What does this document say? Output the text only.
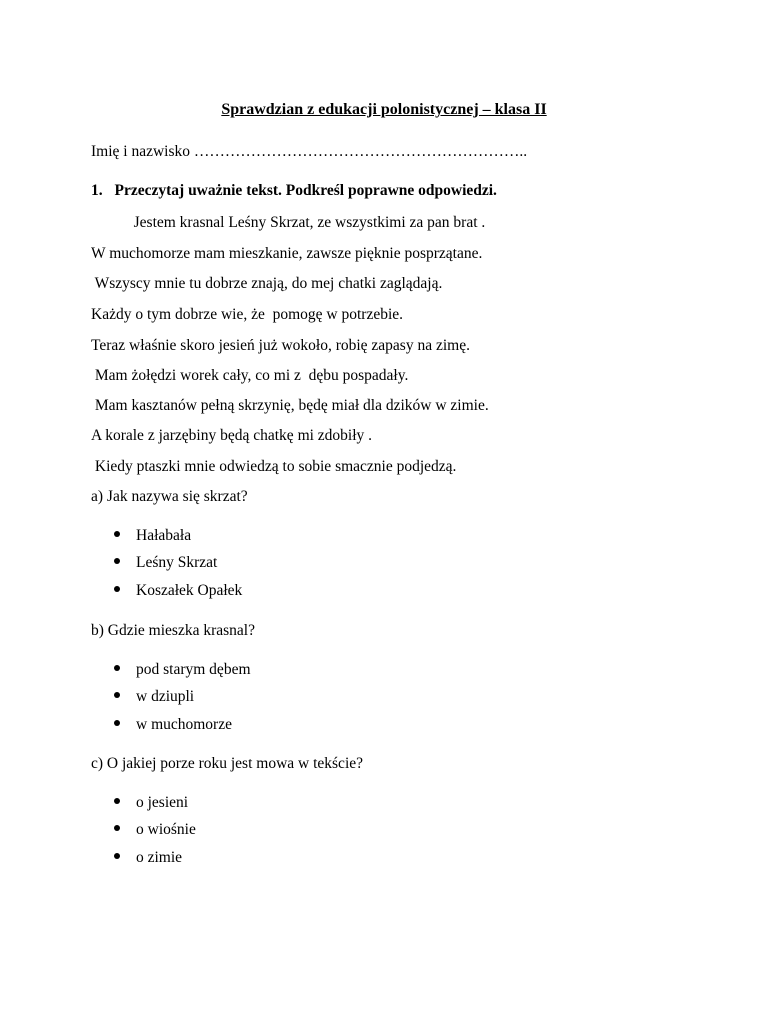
Sprawdzian z edukacji polonistycznej – klasa II
Imię i nazwisko ………………………………………………………..
1. Przeczytaj uważnie tekst. Podkreśl poprawne odpowiedzi.
Jestem krasnal Leśny Skrzat, ze wszystkimi za pan brat .
W muchomorze mam mieszkanie, zawsze pięknie posprzątane.
Wszyscy mnie tu dobrze znają, do mej chatki zaglądają.
Każdy o tym dobrze wie, że  pomogę w potrzebie.
Teraz właśnie skoro jesień już wokoło, robię zapasy na zimę.
Mam żołędzi worek cały, co mi z  dębu pospadały.
Mam kasztanów pełną skrzynię, będę miał dla dzików w zimie.
A korale z jarzębiny będą chatkę mi zdobiły .
Kiedy ptaszki mnie odwiedzą to sobie smacznie podjedzą.
a) Jak nazywa się skrzat?
Hałabała
Leśny Skrzat
Koszałek Opałek
b) Gdzie mieszka krasnal?
pod starym dębem
w dziupli
w muchomorze
c) O jakiej porze roku jest mowa w tekście?
o jesieni
o wiośnie
o zimie
